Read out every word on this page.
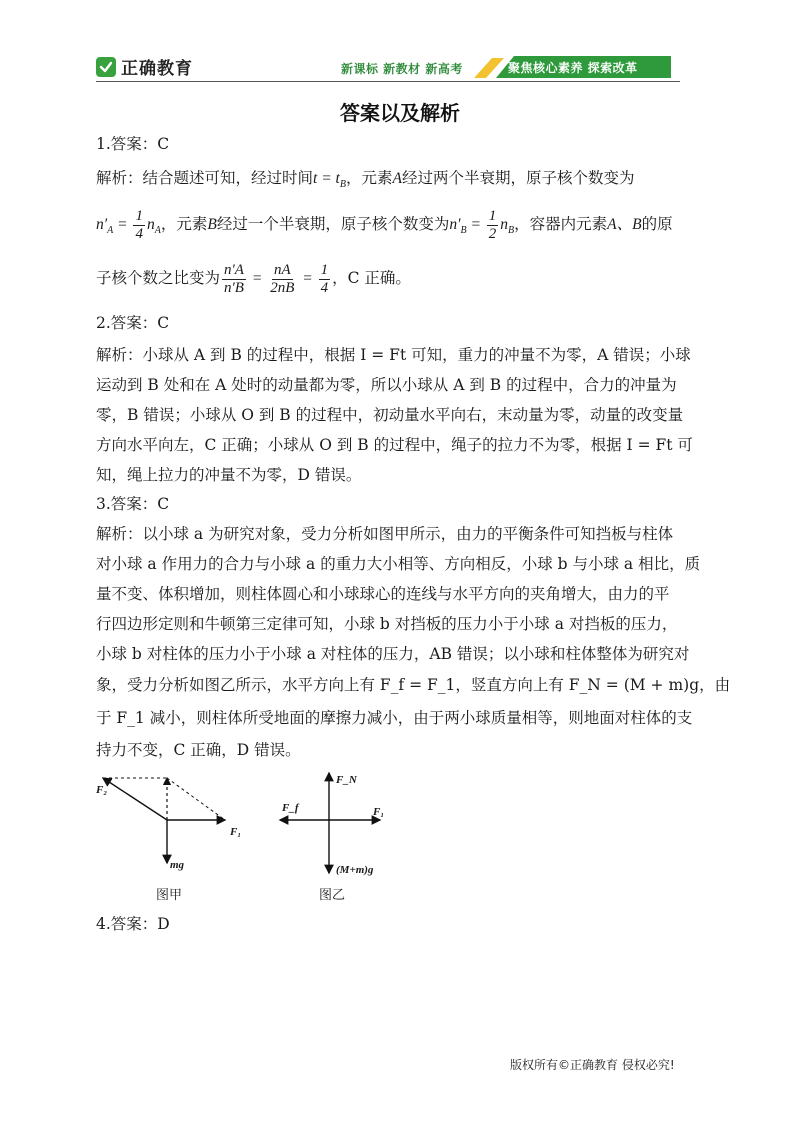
正确教育	新课标 新教材 新高考	聚焦核心素养 探索改革
答案以及解析
1.答案：C
解析：结合题述可知，经过时间$t = t_B$，元素A经过两个半衰期，原子核个数变为
$n'_A = \frac{1}{4} n_A$，元素B经过一个半衰期，原子核个数变为$n'_B = \frac{1}{2} n_B$，容器内元素A、B的原
子核个数之比变为 $\frac{n'A}{n'B} = \frac{nA}{2nB} = \frac{1}{4}$ ，C 正确。
2.答案：C
解析：小球从 A 到 B 的过程中，根据 I = Ft 可知，重力的冲量不为零，A 错误；小球
运动到 B 处和在 A 处时的动量都为零，所以小球从 A 到 B 的过程中，合力的冲量为
零，B 错误；小球从 O 到 B 的过程中，初动量水平向右，末动量为零，动量的改变量
方向水平向左，C 正确；小球从 O 到 B 的过程中，绳子的拉力不为零，根据 I = Ft 可
知，绳上拉力的冲量不为零，D 错误。
3.答案：C
解析：以小球 a 为研究对象，受力分析如图甲所示，由力的平衡条件可知挡板与柱体
对小球 a 作用力的合力与小球 a 的重力大小相等、方向相反，小球 b 与小球 a 相比，质
量不变、体积增加，则柱体圆心和小球球心的连线与水平方向的夹角增大，由力的平
行四边形定则和牛顿第三定律可知，小球 b 对挡板的压力小于小球 a 对挡板的压力，
小球 b 对柱体的压力小于小球 a 对柱体的压力，AB 错误；以小球和柱体整体为研究对
象，受力分析如图乙所示，水平方向上有 F_f = F_1，竖直方向上有 F_N = (M + m)g，由
于 F_1 减小，则柱体所受地面的摩擦力减小，由于两小球质量相等，则地面对柱体的支
持力不变，C 正确，D 错误。
F₂
F₁
mg
图甲
F_N
F_f	F₁
(M+m)g
图乙
4.答案：D
版权所有©正确教育 侵权必究!
